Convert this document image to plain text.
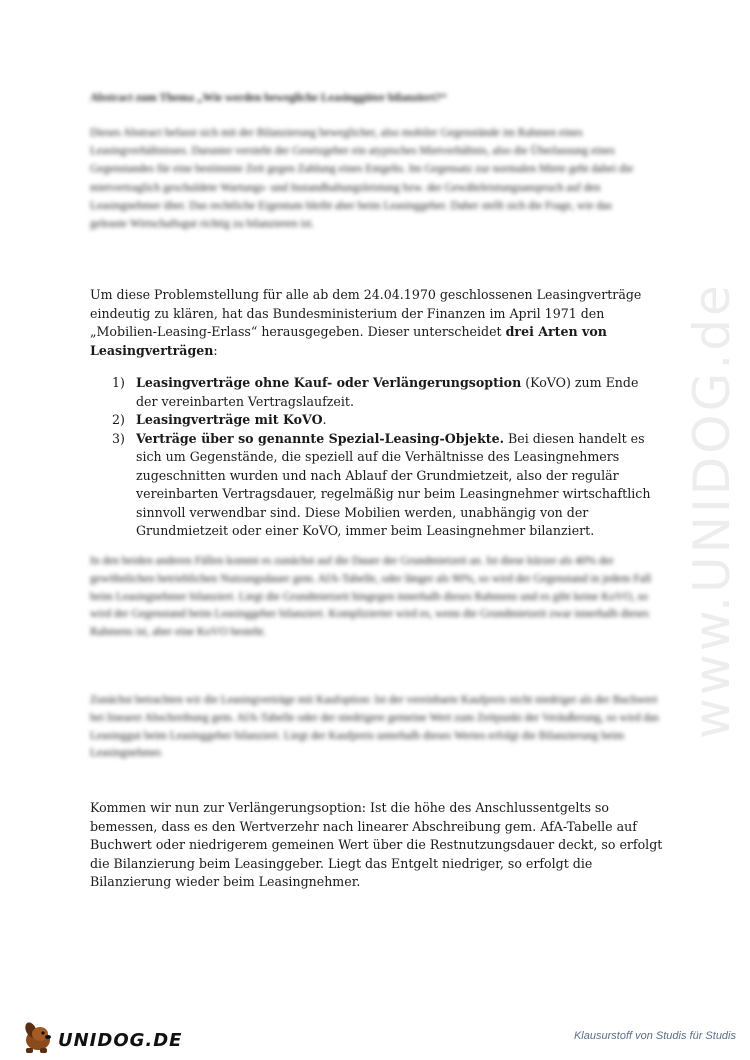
www.UNIDOG.de
Abstract zum Thema „Wie werden bewegliche Leasinggüter bilanziert?“
Dieses Abstract befasst sich mit der Bilanzierung beweglicher, also mobiler Gegenstände im Rahmen eines Leasingverhältnisses. Darunter versteht der Gesetzgeber ein atypisches Mietverhältnis, also die Überlassung eines Gegenstandes für eine bestimmte Zeit gegen Zahlung eines Entgelts. Im Gegensatz zur normalen Miete geht dabei die mietvertraglich geschuldete Wartungs- und Instandhaltungsleistung bzw. der Gewährleistungsanspruch auf den Leasingnehmer über. Das rechtliche Eigentum bleibt aber beim Leasinggeber. Daher stellt sich die Frage, wie das geleaste Wirtschaftsgut richtig zu bilanzieren ist.
Um diese Problemstellung für alle ab dem 24.04.1970 geschlossenen Leasingverträge eindeutig zu klären, hat das Bundesministerium der Finanzen im April 1971 den „Mobilien-Leasing-Erlass“ herausgegeben. Dieser unterscheidet drei Arten von Leasingverträgen:
1) Leasingverträge ohne Kauf- oder Verlängerungsoption (KoVO) zum Ende der vereinbarten Vertragslaufzeit.
2) Leasingverträge mit KoVO.
3) Verträge über so genannte Spezial-Leasing-Objekte. Bei diesen handelt es sich um Gegenstände, die speziell auf die Verhältnisse des Leasingnehmers zugeschnitten wurden und nach Ablauf der Grundmietzeit, also der regulär vereinbarten Vertragsdauer, regelmäßig nur beim Leasingnehmer wirtschaftlich sinnvoll verwendbar sind. Diese Mobilien werden, unabhängig von der Grundmietzeit oder einer KoVO, immer beim Leasingnehmer bilanziert.
In den beiden anderen Fällen kommt es zunächst auf die Dauer der Grundmietzeit an. Ist diese kürzer als 40% der gewöhnlichen betrieblichen Nutzungsdauer gem. AfA-Tabelle, oder länger als 90%, so wird der Gegenstand in jedem Fall beim Leasingnehmer bilanziert. Liegt die Grundmietzeit hingegen innerhalb dieses Rahmens und es gibt keine KoVO, so wird der Gegenstand beim Leasinggeber bilanziert. Komplizierter wird es, wenn die Grundmietzeit zwar innerhalb dieses Rahmens ist, aber eine KoVO besteht.
Zunächst betrachten wir die Leasingverträge mit Kaufoption: Ist der vereinbarte Kaufpreis nicht niedriger als der Buchwert bei linearer Abschreibung gem. AfA-Tabelle oder der niedrigere gemeine Wert zum Zeitpunkt der Veräußerung, so wird das Leasinggut beim Leasinggeber bilanziert. Liegt der Kaufpreis unterhalb dieses Wertes erfolgt die Bilanzierung beim Leasingnehmer.
Kommen wir nun zur Verlängerungsoption: Ist die höhe des Anschlussentgelts so bemessen, dass es den Wertverzehr nach linearer Abschreibung gem. AfA-Tabelle auf Buchwert oder niedrigerem gemeinen Wert über die Restnutzungsdauer deckt, so erfolgt die Bilanzierung beim Leasinggeber. Liegt das Entgelt niedriger, so erfolgt die Bilanzierung wieder beim Leasingnehmer.
UNIDOG.DE	Klausurstoff von Studis für Studis
